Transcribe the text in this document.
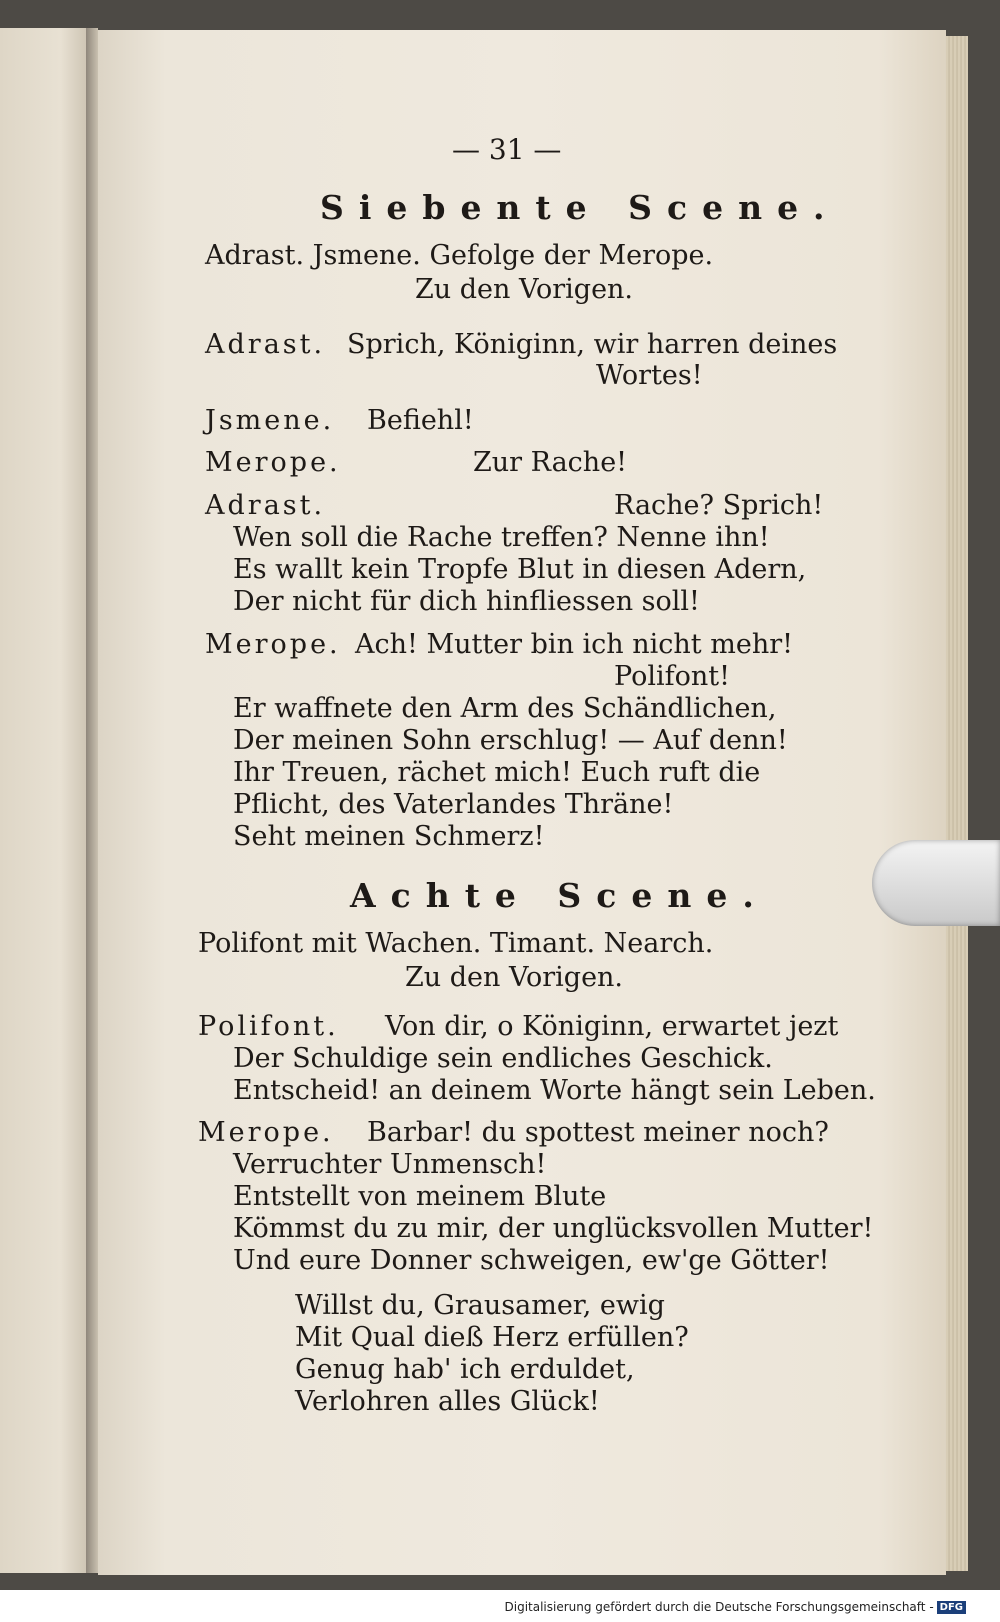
— 31 —
Siebente Scene.
Adrast. Jsmene. Gefolge der Merope.
Zu den Vorigen.
Adrast. Sprich, Königinn, wir harren deines
Wortes!
Jsmene. Befiehl!
Merope.	Zur Rache!
Adrast.	Rache? Sprich!
Wen soll die Rache treffen? Nenne ihn!
Es wallt kein Tropfe Blut in diesen Adern,
Der nicht für dich hinfliessen soll!
Merope. Ach! Mutter bin ich nicht mehr!
Polifont!
Er waffnete den Arm des Schändlichen,
Der meinen Sohn erschlug! — Auf denn!
Ihr Treuen, rächet mich! Euch ruft die
Pflicht, des Vaterlandes Thräne!
Seht meinen Schmerz!
Achte Scene.
Polifont mit Wachen. Timant. Nearch.
Zu den Vorigen.
Polifont. Von dir, o Königinn, erwartet jezt
Der Schuldige sein endliches Geschick.
Entscheid! an deinem Worte hängt sein Leben.
Merope. Barbar! du spottest meiner noch?
Verruchter Unmensch!
Entstellt von meinem Blute
Kömmst du zu mir, der unglücksvollen Mutter!
Und eure Donner schweigen, ew'ge Götter!
Willst du, Grausamer, ewig
Mit Qual dieß Herz erfüllen?
Genug hab' ich erduldet,
Verlohren alles Glück!
Digitalisierung gefördert durch die Deutsche Forschungsgemeinschaft - DFG
